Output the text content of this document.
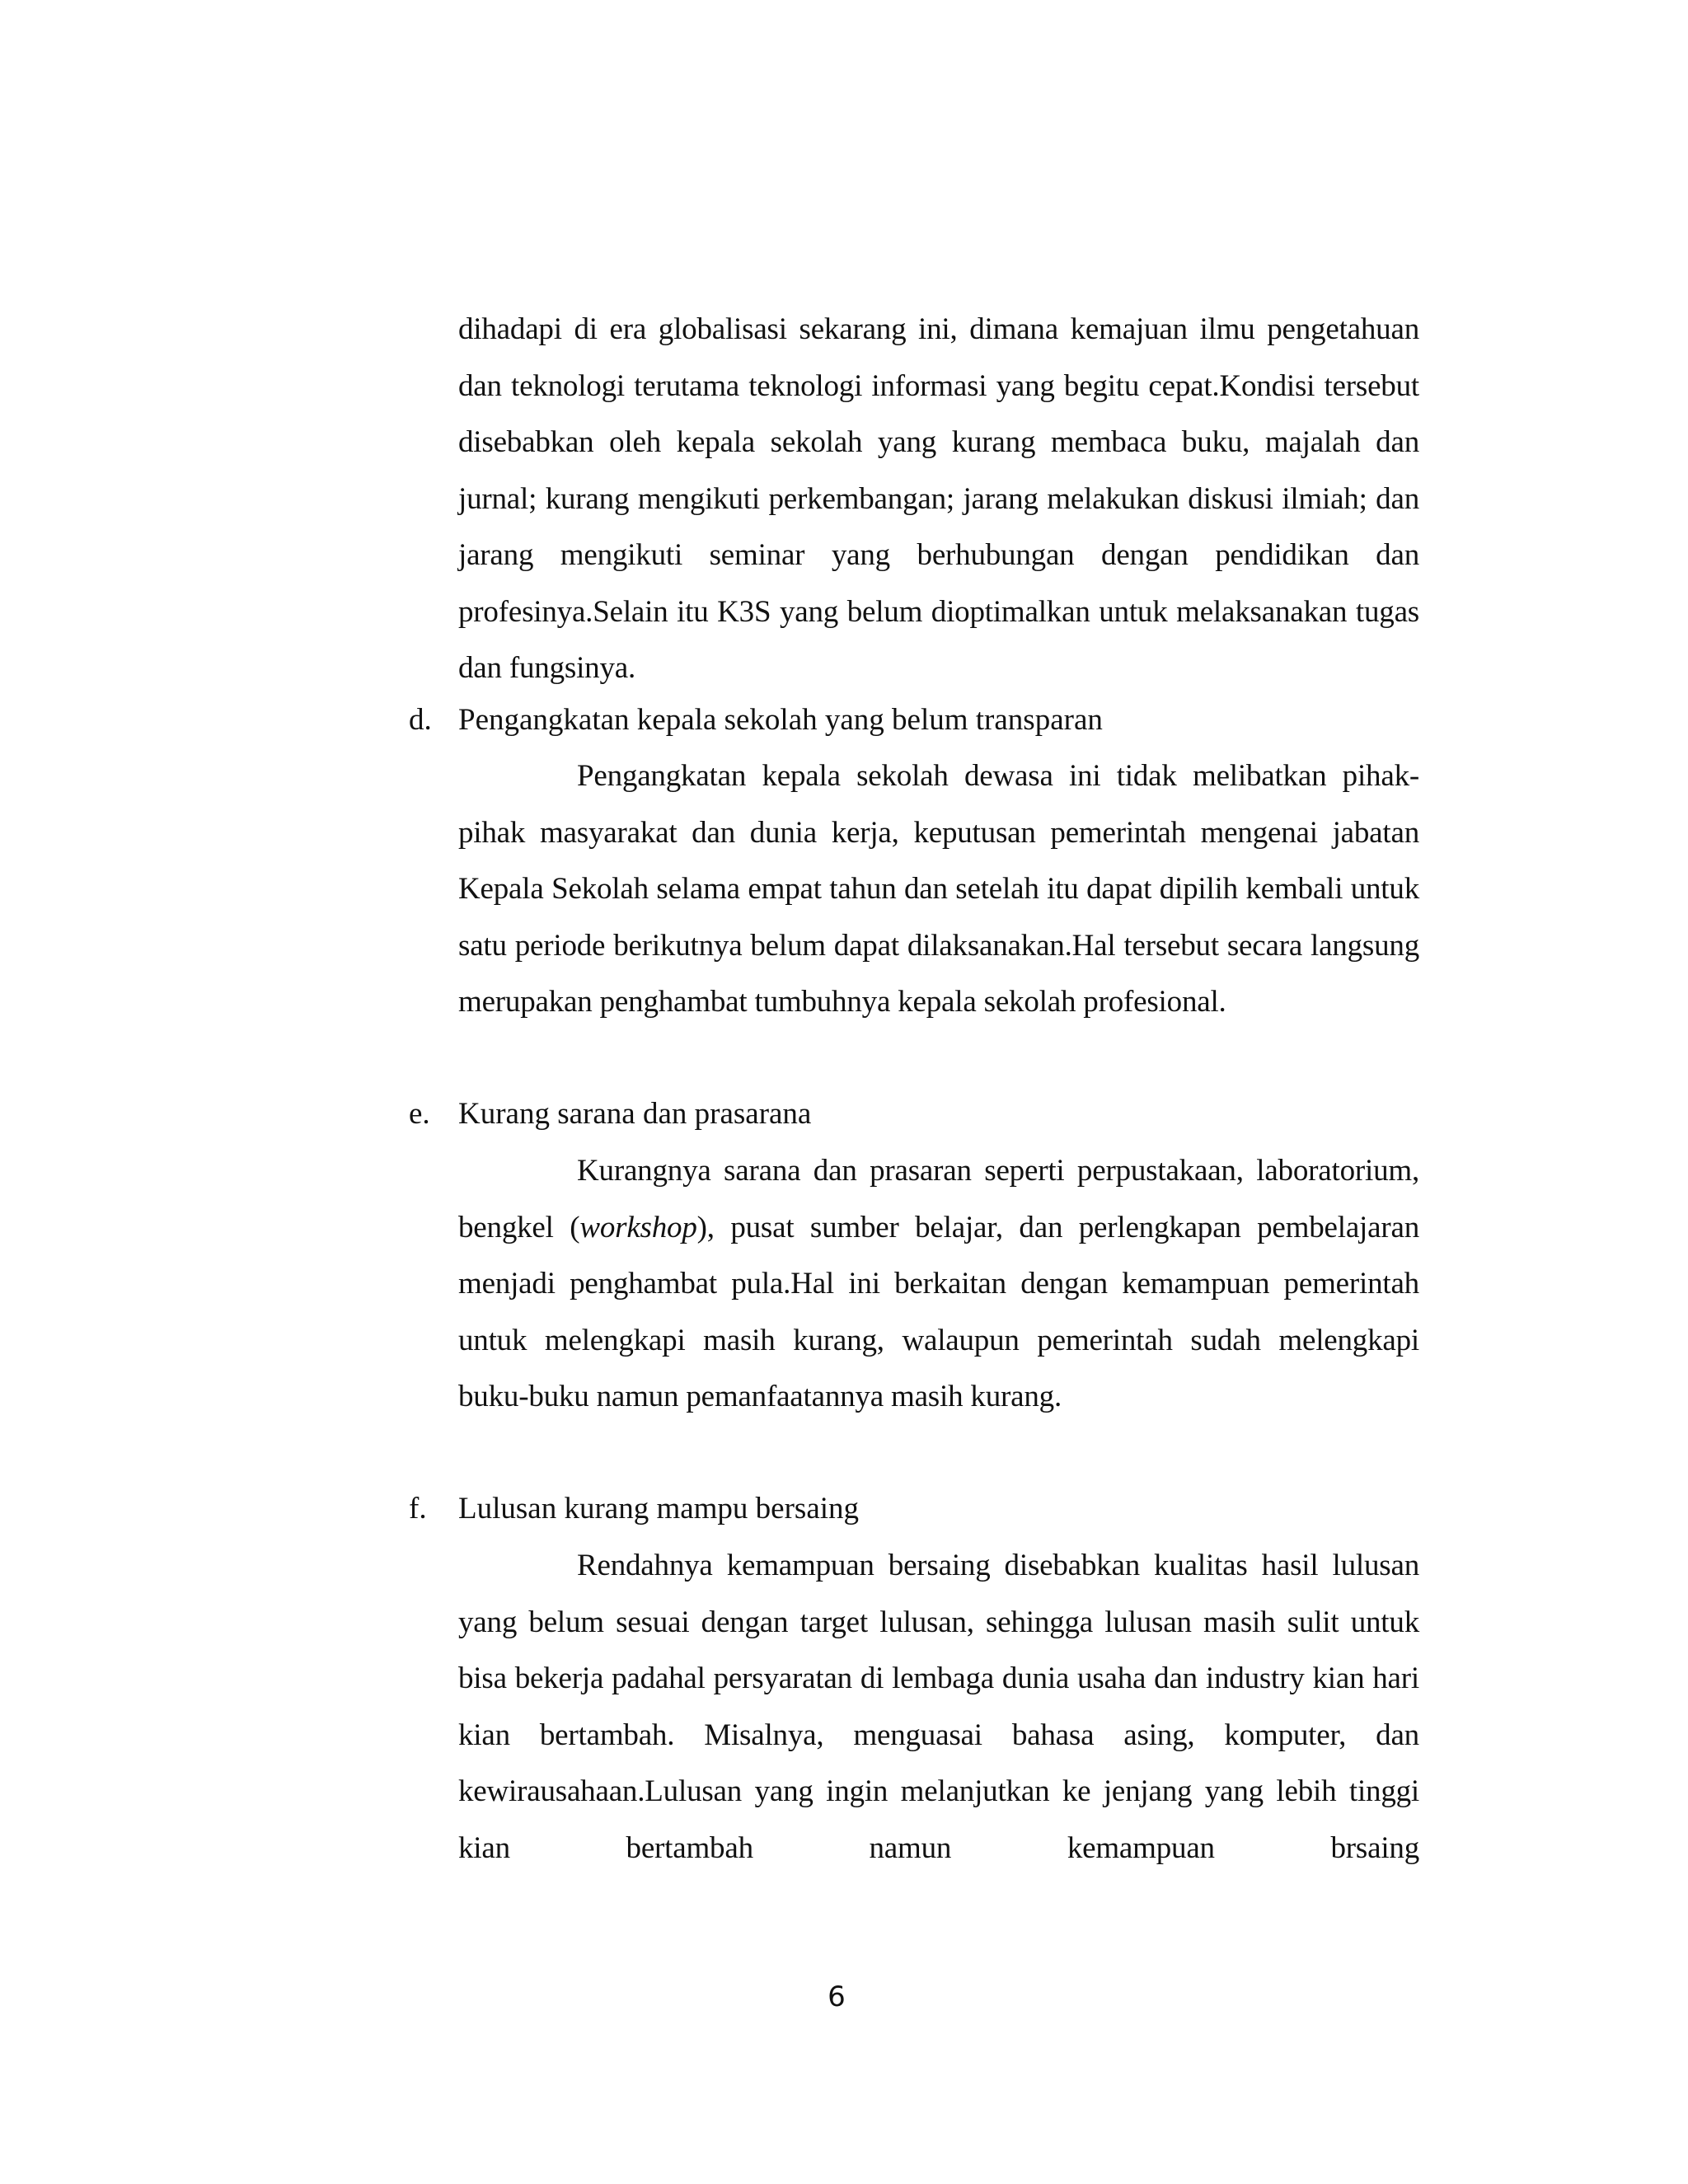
dihadapi di era globalisasi sekarang ini, dimana kemajuan ilmu pengetahuan dan teknologi terutama teknologi informasi yang begitu cepat.Kondisi tersebut disebabkan oleh kepala sekolah yang kurang membaca buku, majalah dan jurnal; kurang mengikuti perkembangan; jarang melakukan diskusi ilmiah; dan jarang mengikuti seminar yang berhubungan dengan pendidikan dan profesinya.Selain itu K3S yang belum dioptimalkan untuk melaksanakan tugas dan fungsinya.

d. Pengangkatan kepala sekolah yang belum transparan

Pengangkatan kepala sekolah dewasa ini tidak melibatkan pihak-pihak masyarakat dan dunia kerja, keputusan pemerintah mengenai jabatan Kepala Sekolah selama empat tahun dan setelah itu dapat dipilih kembali untuk satu periode berikutnya belum dapat dilaksanakan.Hal tersebut secara langsung merupakan penghambat tumbuhnya kepala sekolah profesional.

e. Kurang sarana dan prasarana

Kurangnya sarana dan prasaran seperti perpustakaan, laboratorium, bengkel (workshop), pusat sumber belajar, dan perlengkapan pembelajaran menjadi penghambat pula.Hal ini berkaitan dengan kemampuan pemerintah untuk melengkapi masih kurang, walaupun pemerintah sudah melengkapi buku-buku namun pemanfaatannya masih kurang.

f. Lulusan kurang mampu bersaing

Rendahnya kemampuan bersaing disebabkan kualitas hasil lulusan yang belum sesuai dengan target lulusan, sehingga lulusan masih sulit untuk bisa bekerja padahal persyaratan di lembaga dunia usaha dan industry kian hari kian bertambah. Misalnya, menguasai bahasa asing, komputer, dan kewirausahaan.Lulusan yang ingin melanjutkan ke jenjang yang lebih tinggi kian bertambah namun kemampuan brsaing

6
